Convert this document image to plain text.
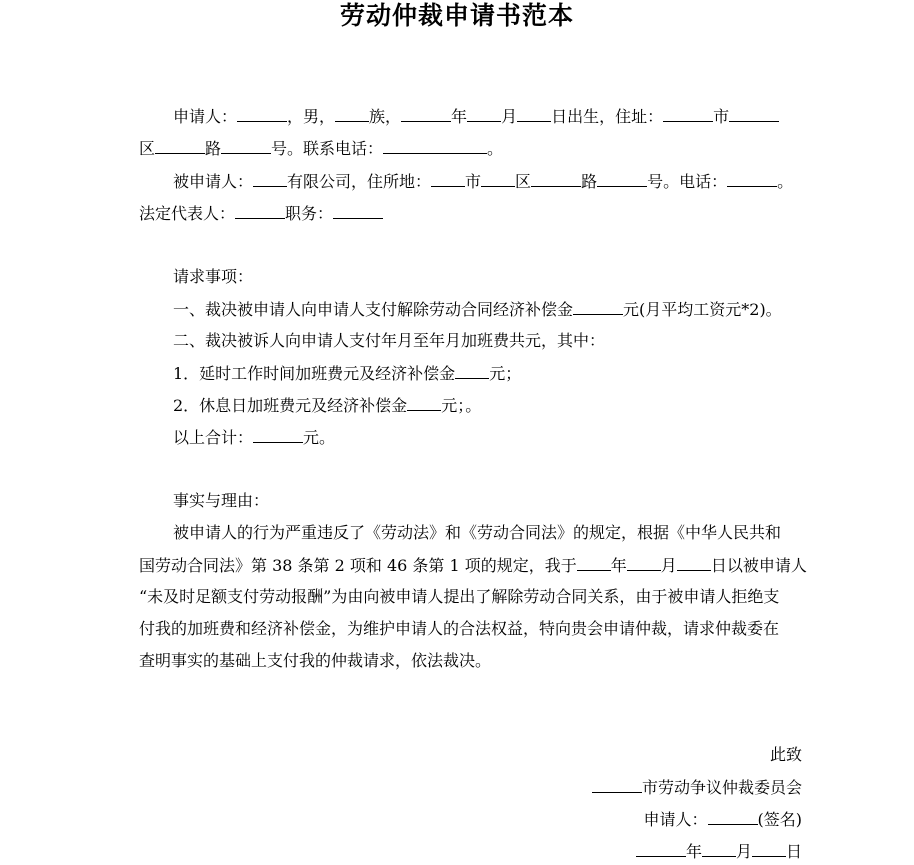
劳动仲裁申请书范本
申请人：	，男， 族，	年 月 日出生，住址：	市
区	路	号。联系电话：	。
被申请人： 有限公司，住所地： 市 区	路	号。电话：	。
法定代表人：	职务：
请求事项：
一、裁决被申请人向申请人支付解除劳动合同经济补偿金	元(月平均工资元*2)。
二、裁决被诉人向申请人支付年月至年月加班费共元，其中：
1．延时工作时间加班费元及经济补偿金 元；
2．休息日加班费元及经济补偿金 元；。
以上合计：	元。
事实与理由：
被申请人的行为严重违反了《劳动法》和《劳动合同法》的规定，根据《中华人民共和
国劳动合同法》第 38 条第 2 项和 46 条第 1 项的规定，我于 年 月 日以被申请人
“未及时足额支付劳动报酬”为由向被申请人提出了解除劳动合同关系，由于被申请人拒绝支
付我的加班费和经济补偿金，为维护申请人的合法权益，特向贵会申请仲裁，请求仲裁委在
查明事实的基础上支付我的仲裁请求，依法裁决。
此致
市劳动争议仲裁委员会
申请人：	(签名)
年 月 日
